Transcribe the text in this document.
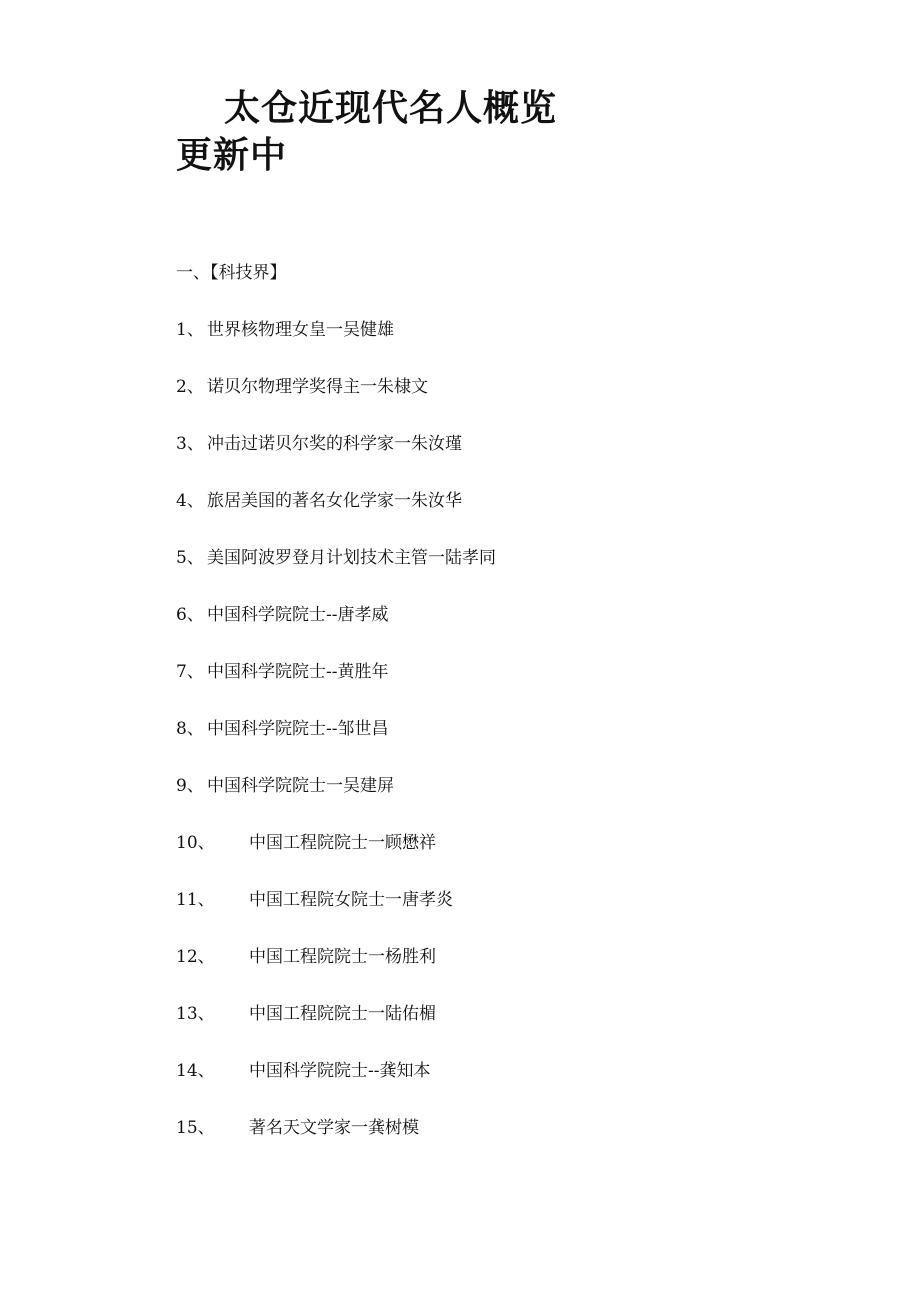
太仓近现代名人概览
更新中
一、【科技界】
1、 世界核物理女皇一吴健雄
2、 诺贝尔物理学奖得主一朱棣文
3、 冲击过诺贝尔奖的科学家一朱汝瑾
4、 旅居美国的著名女化学家一朱汝华
5、 美国阿波罗登月计划技术主管一陆孝同
6、 中国科学院院士--唐孝威
7、 中国科学院院士--黄胜年
8、 中国科学院院士--邹世昌
9、 中国科学院院士一吴建屏
10、	中国工程院院士一顾懋祥
11、	中国工程院女院士一唐孝炎
12、	中国工程院院士一杨胜利
13、	中国工程院院士一陆佑楣
14、	中国科学院院士--龚知本
15、	著名天文学家一龚树模
